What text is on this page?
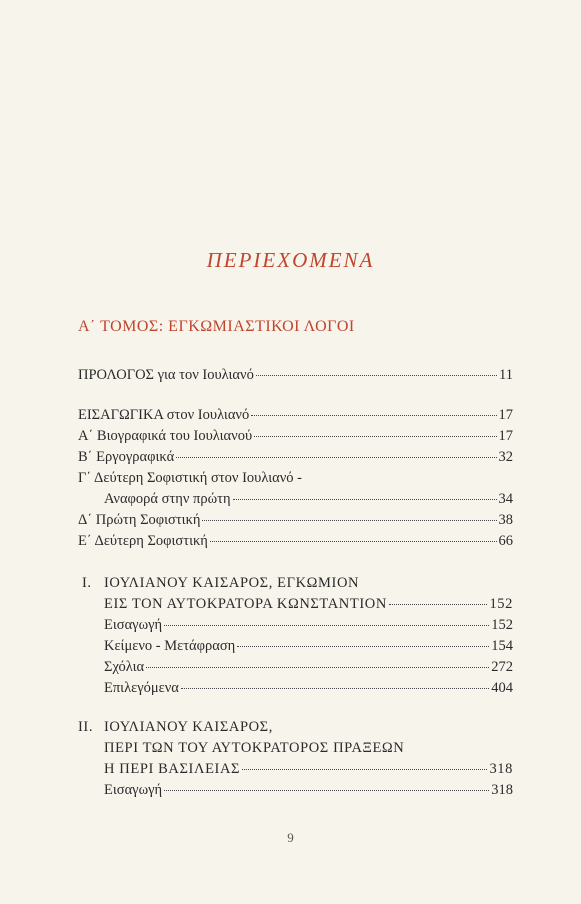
ΠΕΡΙΕΧΟΜΕΝΑ
Α΄ ΤΟΜΟΣ: ΕΓΚΩΜΙΑΣΤΙΚΟΙ ΛΟΓΟΙ
ΠΡΟΛΟΓΟΣ για τον Ιουλιανό	11
ΕΙΣΑΓΩΓΙΚΑ στον Ιουλιανό	17
Α΄ Βιογραφικά του Ιουλιανού	17
Β΄ Εργογραφικά	32
Γ΄ Δεύτερη Σοφιστική στον Ιουλιανό -
Αναφορά στην πρώτη	34
Δ΄ Πρώτη Σοφιστική	38
Ε΄ Δεύτερη Σοφιστική	66
Ι. ΙΟΥΛΙΑΝΟΥ ΚΑΙΣΑΡΟΣ, ΕΓΚΩΜΙΟΝ
ΕΙΣ ΤΟΝ ΑΥΤΟΚΡΑΤΟΡΑ ΚΩΝΣΤΑΝΤΙΟΝ	152
Εισαγωγή	152
Κείμενο - Μετάφραση	154
Σχόλια	272
Επιλεγόμενα	404
ΙΙ. ΙΟΥΛΙΑΝΟΥ ΚΑΙΣΑΡΟΣ,
ΠΕΡΙ ΤΩΝ ΤΟΥ ΑΥΤΟΚΡΑΤΟΡΟΣ ΠΡΑΞΕΩΝ
Η ΠΕΡΙ ΒΑΣΙΛΕΙΑΣ	318
Εισαγωγή	318
9
